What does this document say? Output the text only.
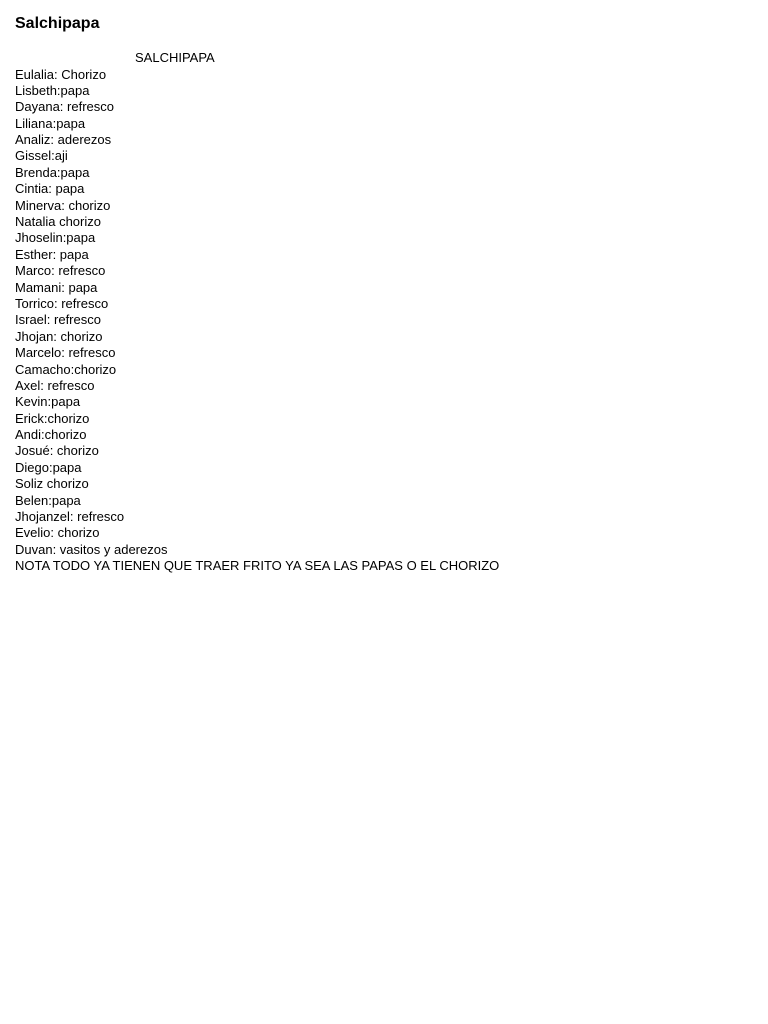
Salchipapa
SALCHIPAPA
Eulalia: Chorizo
Lisbeth:papa
Dayana: refresco
Liliana:papa
Analiz: aderezos
Gissel:aji
Brenda:papa
Cintia: papa
Minerva: chorizo
Natalia chorizo
Jhoselin:papa
Esther: papa
Marco: refresco
Mamani: papa
Torrico: refresco
Israel: refresco
Jhojan: chorizo
Marcelo: refresco
Camacho:chorizo
Axel: refresco
Kevin:papa
Erick:chorizo
Andi:chorizo
Josué: chorizo
Diego:papa
Soliz chorizo
Belen:papa
Jhojanzel: refresco
Evelio: chorizo
Duvan: vasitos y aderezos
NOTA TODO YA TIENEN QUE TRAER FRITO YA SEA LAS PAPAS O EL CHORIZO
